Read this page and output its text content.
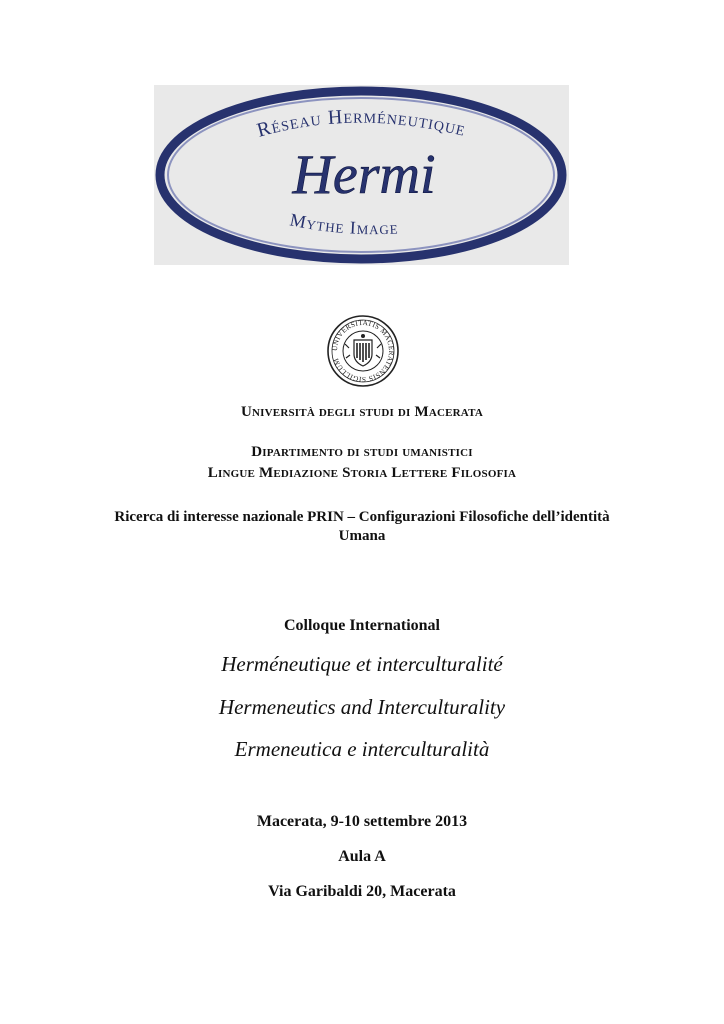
Réseau Herméneutique
Hermi
Mythe Image
UNIVERSITATIS MACERATENSIS SIGILLUM
Università degli studi di Macerata
Dipartimento di studi umanistici
Lingue Mediazione Storia Lettere Filosofia
Ricerca di interesse nazionale PRIN – Configurazioni Filosofiche dell’identità
Umana
Colloque International
Herméneutique et interculturalité
Hermeneutics and Interculturality
Ermeneutica e interculturalità
Macerata, 9-10 settembre 2013
Aula A
Via Garibaldi 20, Macerata
